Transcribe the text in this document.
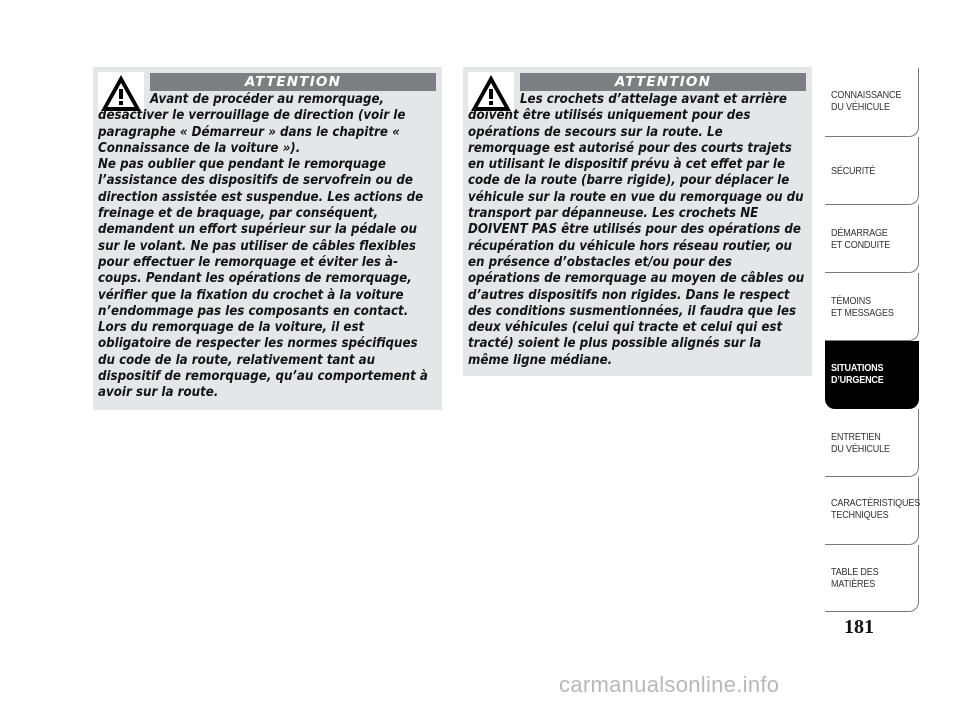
ATTENTION

Avant de procéder au remorquage, désactiver le verrouillage de direction (voir le paragraphe « Démarreur » dans le chapitre « Connaissance de la voiture »).
Ne pas oublier que pendant le remorquage l’assistance des dispositifs de servofrein ou de direction assistée est suspendue. Les actions de freinage et de braquage, par conséquent, demandent un effort supérieur sur la pédale ou sur le volant. Ne pas utiliser de câbles flexibles pour effectuer le remorquage et éviter les à-coups. Pendant les opérations de remorquage, vérifier que la fixation du crochet à la voiture n’endommage pas les composants en contact. Lors du remorquage de la voiture, il est obligatoire de respecter les normes spécifiques du code de la route, relativement tant au dispositif de remorquage, qu’au comportement à avoir sur la route.

ATTENTION

Les crochets d’attelage avant et arrière doivent être utilisés uniquement pour des opérations de secours sur la route. Le remorquage est autorisé pour des courts trajets en utilisant le dispositif prévu à cet effet par le code de la route (barre rigide), pour déplacer le véhicule sur la route en vue du remorquage ou du transport par dépanneuse. Les crochets NE DOIVENT PAS être utilisés pour des opérations de récupération du véhicule hors réseau routier, ou en présence d’obstacles et/ou pour des opérations de remorquage au moyen de câbles ou d’autres dispositifs non rigides. Dans le respect des conditions susmentionnées, il faudra que les deux véhicules (celui qui tracte et celui qui est tracté) soient le plus possible alignés sur la même ligne médiane.

CONNAISSANCE
DU VÉHICULE
SÉCURITÉ
DÉMARRAGE
ET CONDUITE
TÉMOINS
ET MESSAGES
SITUATIONS
D’URGENCE
ENTRETIEN
DU VÉHICULE
CARACTÉRISTIQUES
TECHNIQUES
TABLE DES
MATIÈRES
181
carmanualsonline.info
